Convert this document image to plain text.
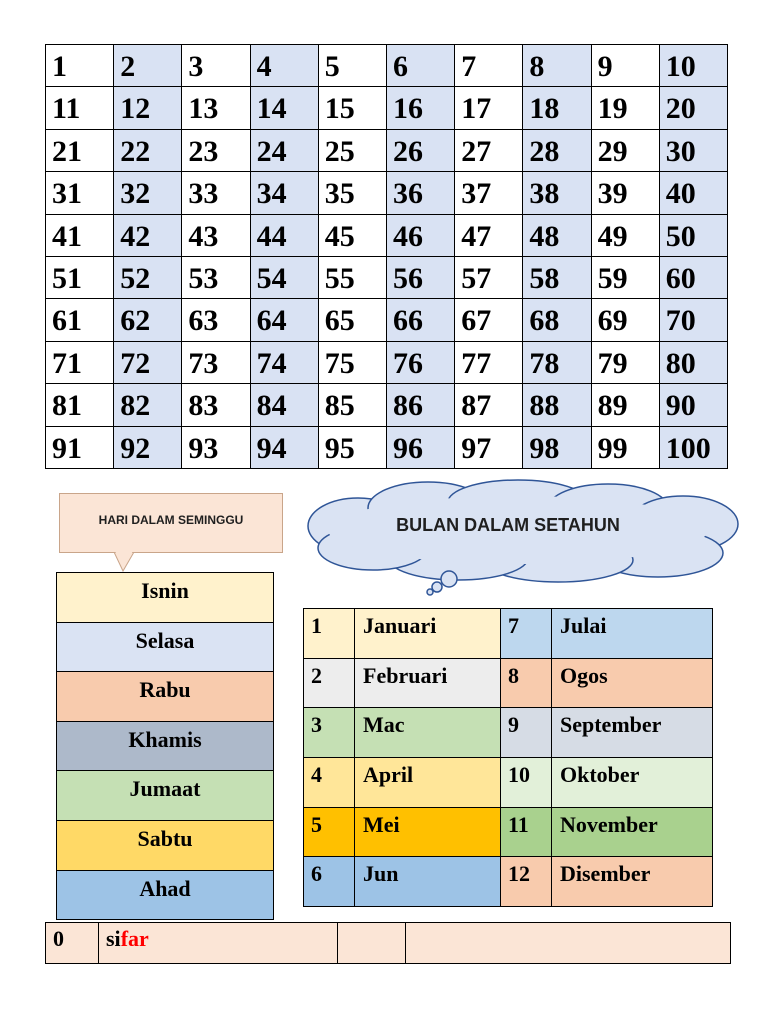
1	2	3	4	5	6	7	8	9	10
11	12	13	14	15	16	17	18	19	20
21	22	23	24	25	26	27	28	29	30
31	32	33	34	35	36	37	38	39	40
41	42	43	44	45	46	47	48	49	50
51	52	53	54	55	56	57	58	59	60
61	62	63	64	65	66	67	68	69	70
71	72	73	74	75	76	77	78	79	80
81	82	83	84	85	86	87	88	89	90
91	92	93	94	95	96	97	98	99	100
HARI DALAM SEMINGGU	BULAN DALAM SETAHUN
Isnin
Selasa
Rabu
Khamis
Jumaat
Sabtu
Ahad
1	Januari	7	Julai
2	Februari	8	Ogos
3	Mac	9	September
4	April	10	Oktober
5	Mei	11	November
6	Jun	12	Disember
0	sifar		
